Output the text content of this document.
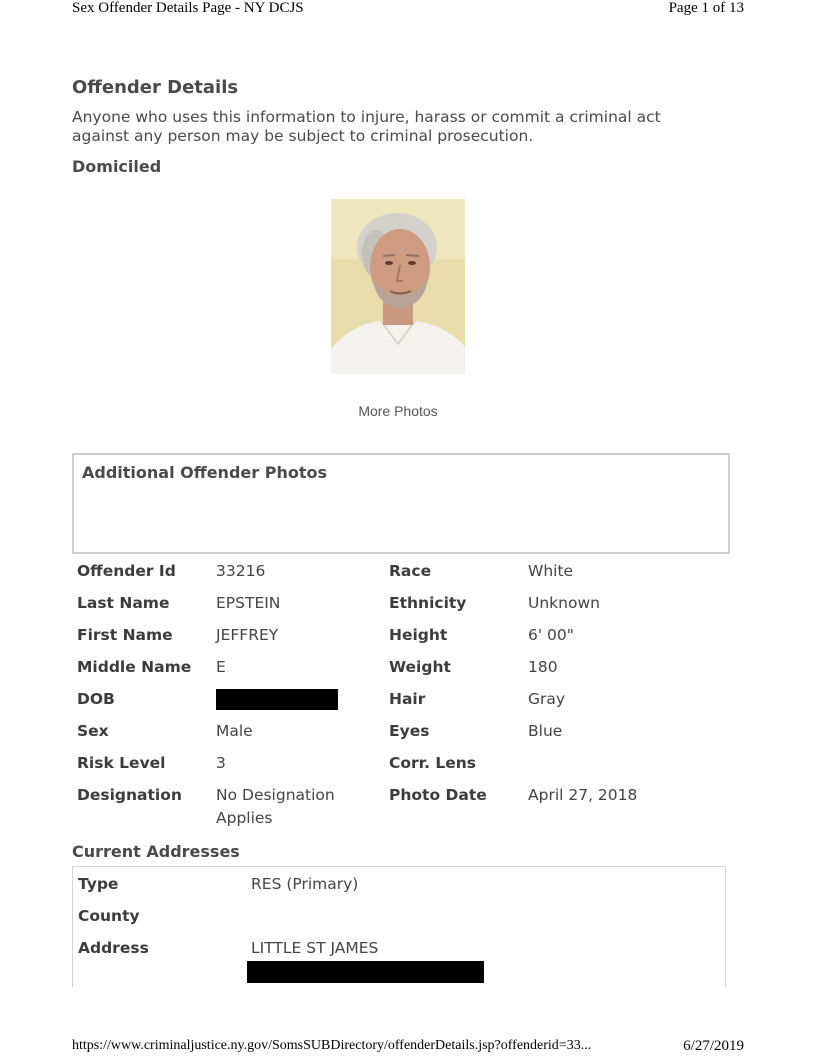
Sex Offender Details Page - NY DCJS	Page 1 of 13
Offender Details

Anyone who uses this information to injure, harass or commit a criminal act against any person may be subject to criminal prosecution.

Domiciled

More Photos
Additional Offender Photos
Offender Id	33216	Race	White
Last Name	EPSTEIN	Ethnicity	Unknown
First Name	JEFFREY	Height	6' 00"
Middle Name	E	Weight	180
DOB		Hair	Gray
Sex	Male	Eyes	Blue
Risk Level	3	Corr. Lens	
Designation	No Designation Applies	Photo Date	April 27, 2018
Current Addresses
Type	RES (Primary)
County	
Address	LITTLE ST JAMES
https://www.criminaljustice.ny.gov/SomsSUBDirectory/offenderDetails.jsp?offenderid=33...	6/27/2019
